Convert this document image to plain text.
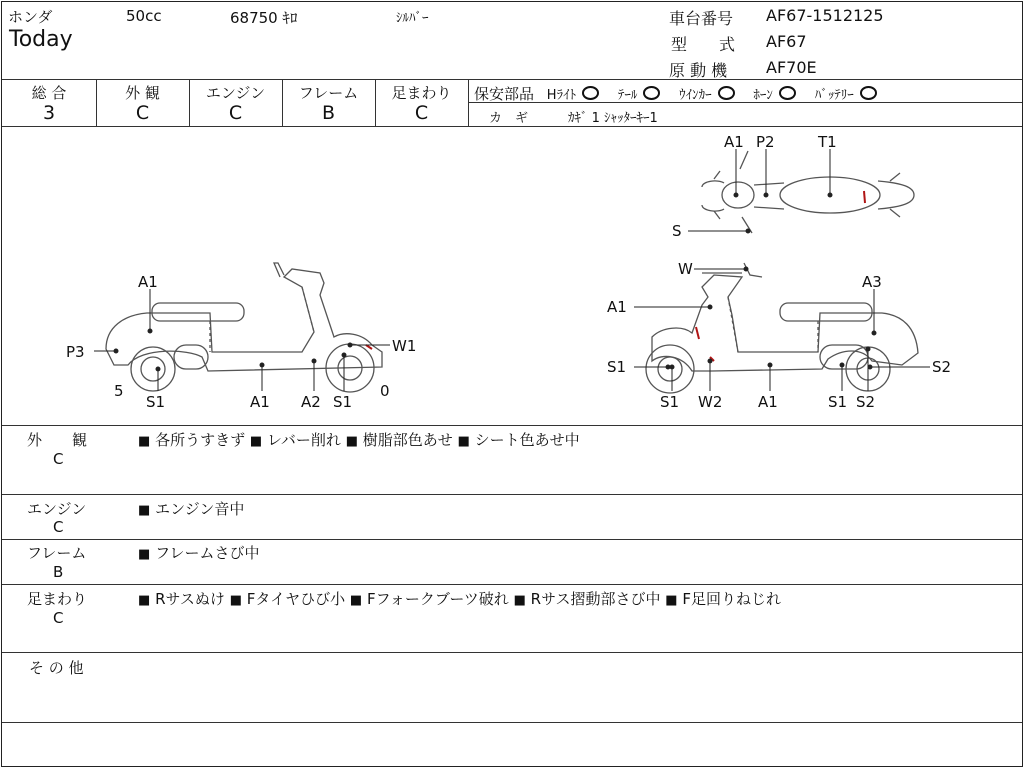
ホンダ	50cc	68750 ｷﾛ	ｼﾙﾊﾞｰ
Today
車台番号 AF67-1512125
型　　式 AF67
原 動 機 AF70E
総 合	外 観	エンジン	フレーム	足まわり
3	C	C	B	C
保安部品 Hﾗｲﾄ	ﾃｰﾙ	ｳｲﾝｶｰ	ﾎｰﾝ	ﾊﾞｯﾃﾘｰ
カ　ギ	ｶｷﾞ 1 ｼｬｯﾀｰｷｰ1
A1
P3	W1
5	0
S1	A1 A2 S1
A1 P2	T1
S
W
A1
A3
S1	S2
S1 W2 A1	S1 S2
外　　観
C
■ 各所うすきず ■ レバー削れ ■ 樹脂部色あせ ■ シート色あせ中
エンジン
C
■ エンジン音中
フレーム
B
■ フレームさび中
足まわり
C
■ Rサスぬけ ■ Fタイヤひび小 ■ Fフォークブーツ破れ ■ Rサス摺動部さび中 ■ F足回りねじれ
そ の 他
